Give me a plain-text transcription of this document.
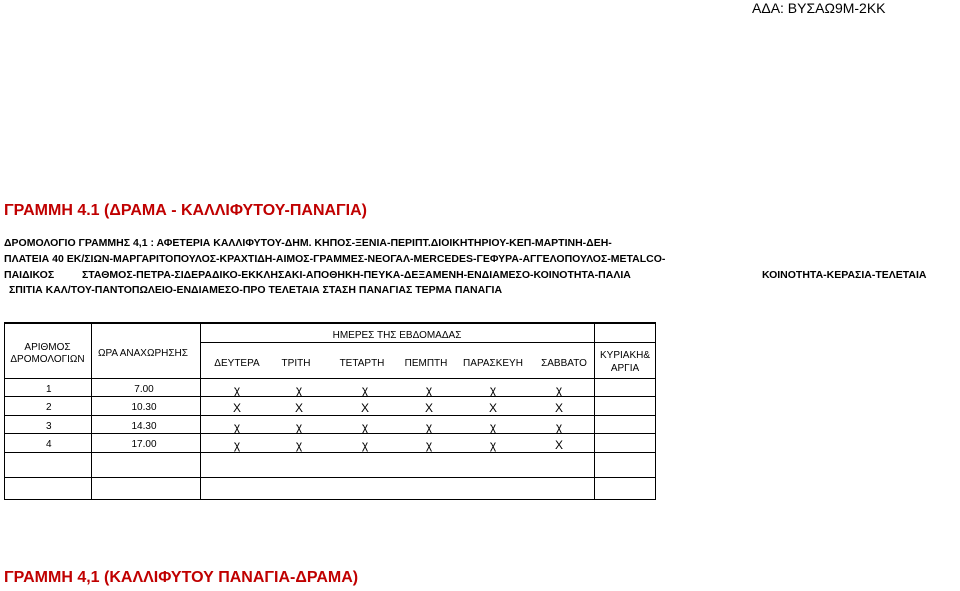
ΑΔΑ: ΒΥΣΑΩ9Μ-2ΚΚ
ΓΡΑΜΜΗ 4.1 (ΔΡΑΜΑ - ΚΑΛΛΙΦΥΤΟΥ-ΠΑΝΑΓΙΑ)
ΔΡΟΜΟΛΟΓΙΟ ΓΡΑΜΜΗΣ 4,1 : ΑΦΕΤΕΡΙΑ ΚΑΛΛΙΦΥΤΟΥ-ΔΗΜ. ΚΗΠΟΣ-ΞΕΝΙΑ-ΠΕΡΙΠΤ.ΔΙΟΙΚΗΤΗΡΙΟΥ-ΚΕΠ-ΜΑΡΤΙΝΗ-ΔΕΗ-
ΠΛΑΤΕΙΑ 40 ΕΚ/ΣΙΩΝ-ΜΑΡΓΑΡΙΤΟΠΟΥΛΟΣ-ΚΡΑΧΤΙΔΗ-ΑΙΜΟΣ-ΓΡΑΜΜΕΣ-ΝΕΟΓΑΛ-MERCEDES-ΓΕΦΥΡΑ-ΑΓΓΕΛΟΠΟΥΛΟΣ-METALCO-
ΠΑΙΔΙΚΟΣ	ΣΤΑΘΜΟΣ-ΠΕΤΡΑ-ΣΙΔΕΡΑΔΙΚΟ-ΕΚΚΛΗΣΑΚΙ-ΑΠΟΘΗΚΗ-ΠΕΥΚΑ-ΔΕΞΑΜΕΝΗ-ΕΝΔΙΑΜΕΣΟ-ΚΟΙΝΟΤΗΤΑ-ΠΑΛΙΑ	ΚΟΙΝΟΤΗΤΑ-ΚΕΡΑΣΙΑ-ΤΕΛΕΤΑΙΑ
ΣΠΙΤΙΑ ΚΑΛ/ΤΟΥ-ΠΑΝΤΟΠΩΛΕΙΟ-ΕΝΔΙΑΜΕΣΟ-ΠΡΟ ΤΕΛΕΤΑΙΑ ΣΤΑΣΗ ΠΑΝΑΓΙΑΣ ΤΕΡΜΑ ΠΑΝΑΓΙΑ
ΗΜΕΡΕΣ ΤΗΣ ΕΒΔΟΜΑΔΑΣ
ΑΡΙΘΜΟΣ
ΔΡΟΜΟΛΟΓΙΩΝ
ΩΡΑ ΑΝΑΧΩΡΗΣΗΣ
ΔΕΥΤΕΡΑ	ΤΡΙΤΗ	ΤΕΤΑΡΤΗ	ΠΕΜΠΤΗ	ΠΑΡΑΣΚΕΥΗ	ΣΑΒΒΑΤΟ
ΚΥΡΙΑΚΗ&
ΑΡΓΙΑ
1	7.00	χ	χ	χ	χ	χ	χ
2	10.30	Χ	Χ	Χ	Χ	Χ	Χ
3	14.30	χ	χ	χ	χ	χ	χ
4	17.00	χ	χ	χ	χ	χ	Χ
ΓΡΑΜΜΗ 4,1 (ΚΑΛΛΙΦΥΤΟΥ ΠΑΝΑΓΙΑ-ΔΡΑΜΑ)
